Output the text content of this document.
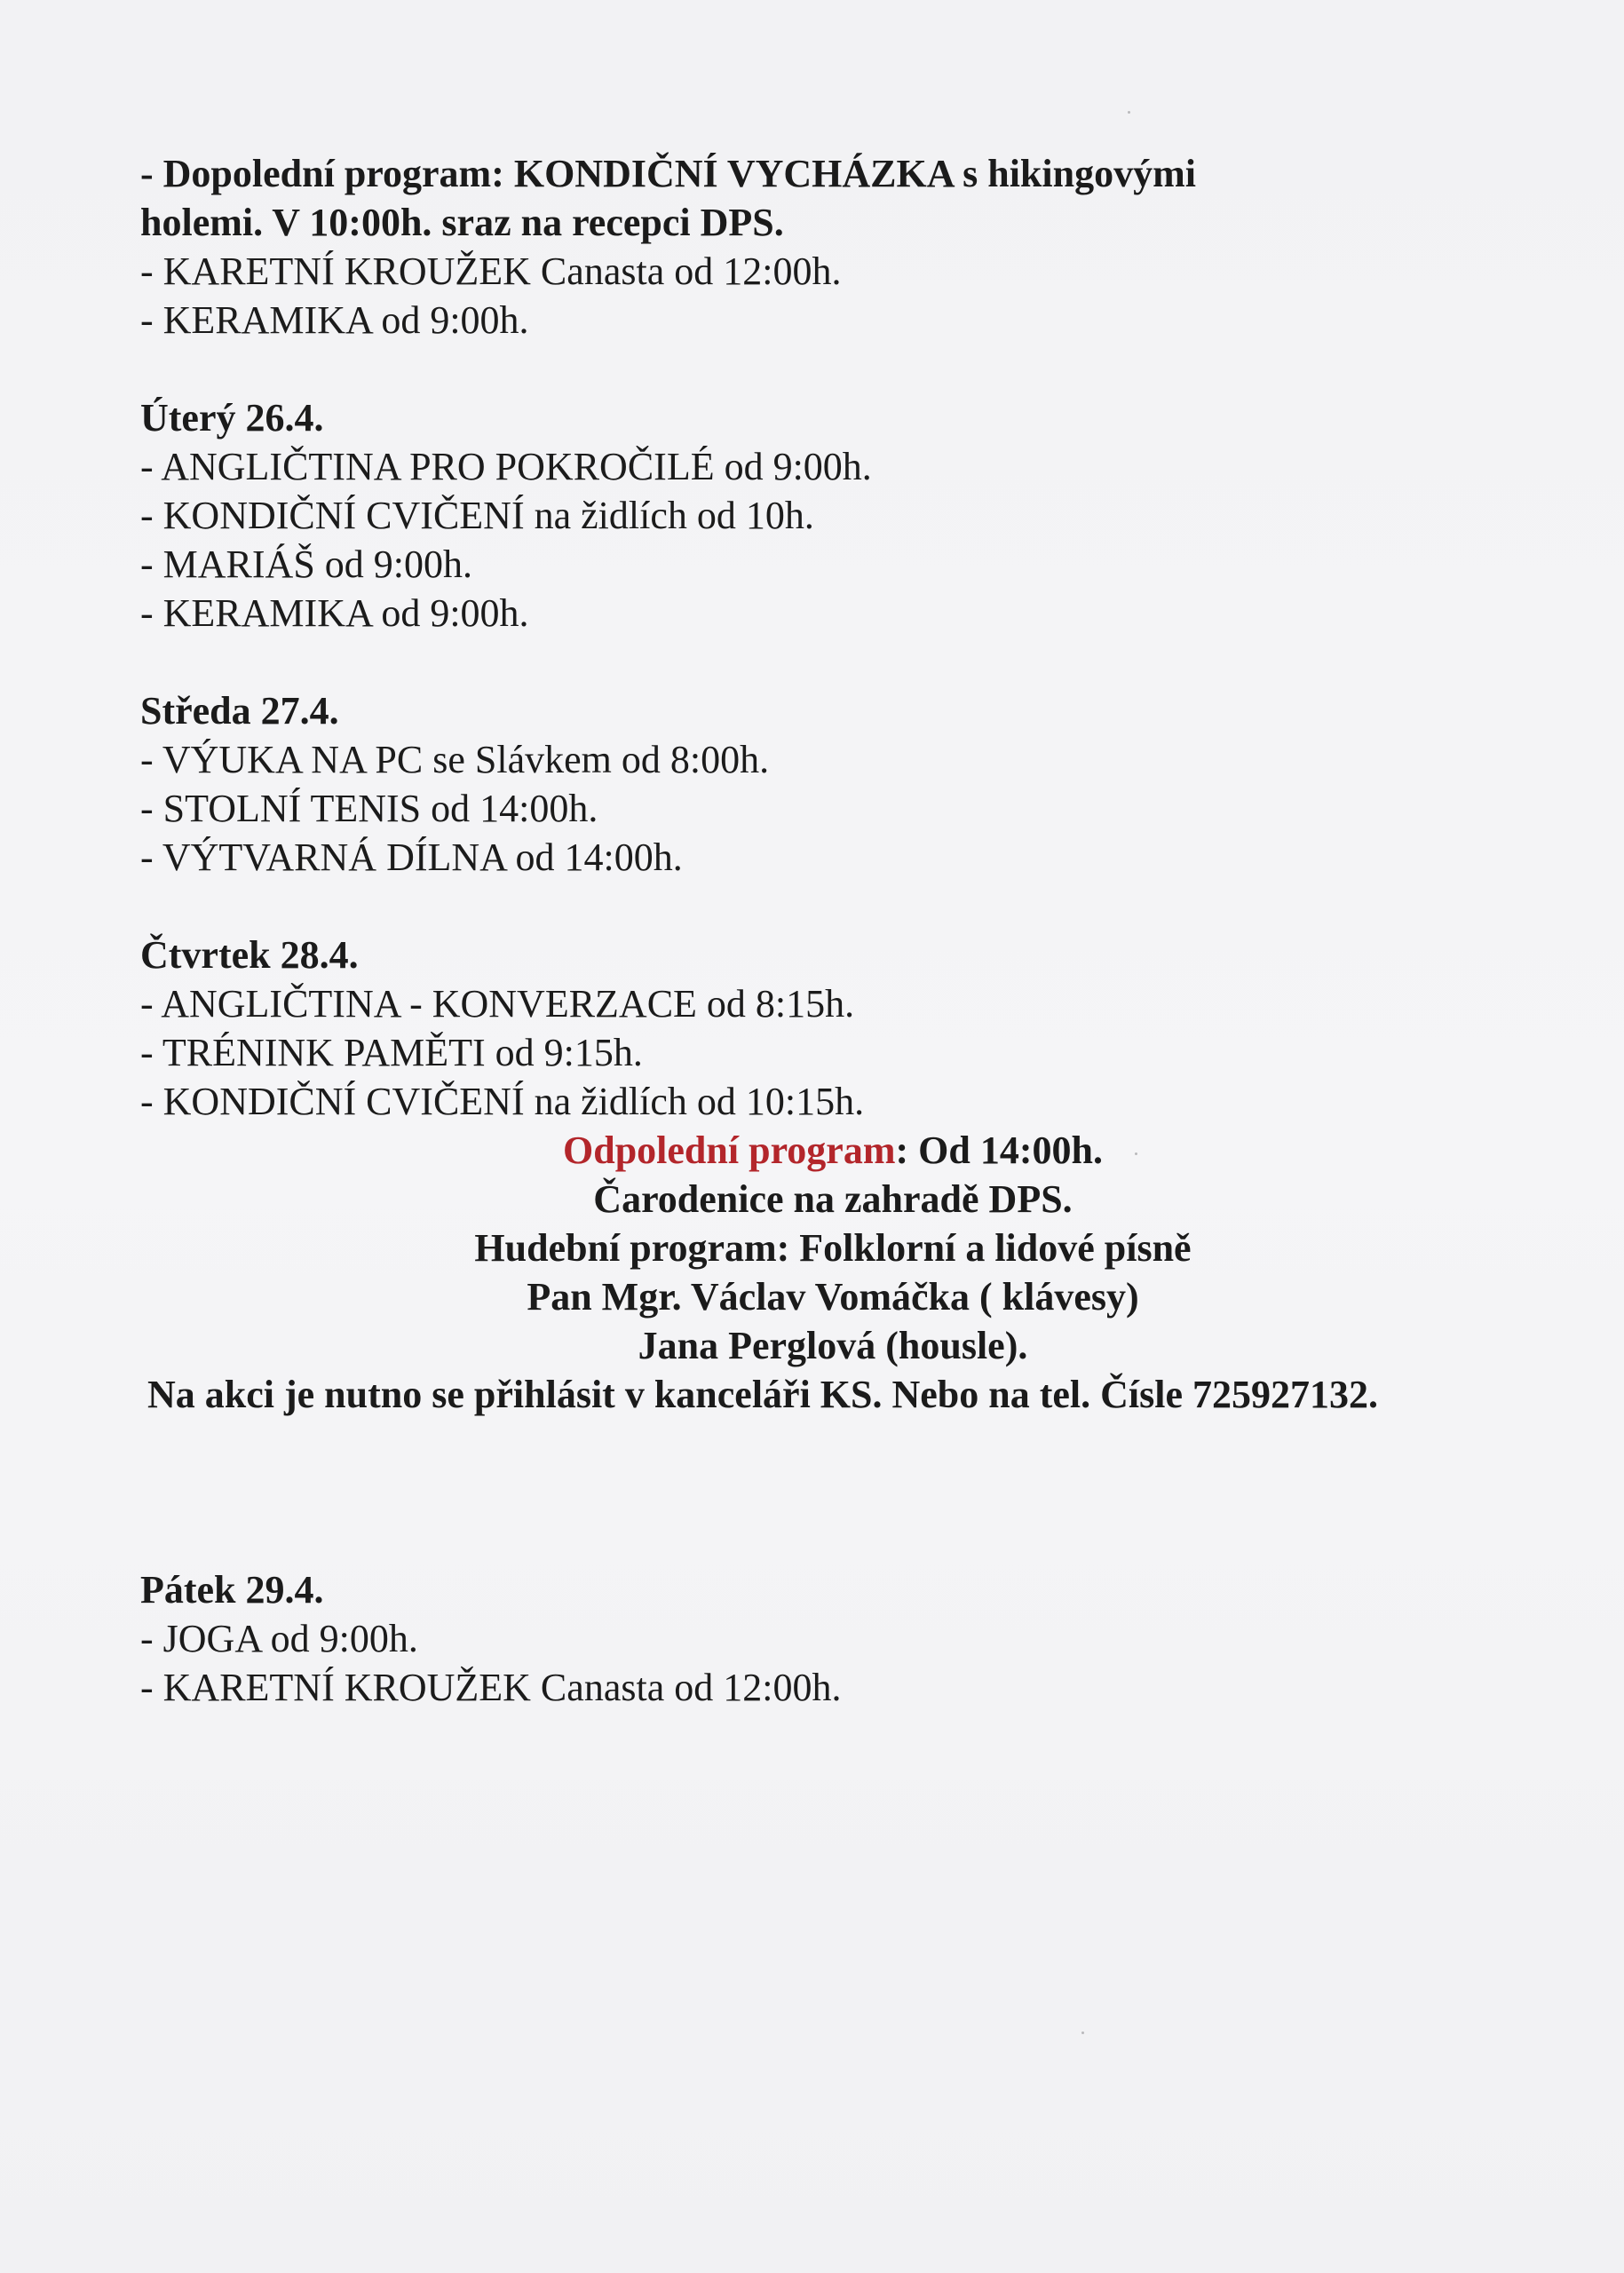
- Dopolední program: KONDIČNÍ VYCHÁZKA s hikingovými
holemi. V 10:00h. sraz na recepci DPS.
- KARETNÍ KROUŽEK Canasta od 12:00h.
- KERAMIKA od 9:00h.
Úterý 26.4.
- ANGLIČTINA PRO POKROČILÉ od 9:00h.
- KONDIČNÍ CVIČENÍ na židlích od 10h.
- MARIÁŠ od 9:00h.
- KERAMIKA od 9:00h.
Středa 27.4.
- VÝUKA NA PC se Slávkem od 8:00h.
- STOLNÍ TENIS od 14:00h.
- VÝTVARNÁ DÍLNA od 14:00h.
Čtvrtek 28.4.
- ANGLIČTINA - KONVERZACE od 8:15h.
- TRÉNINK PAMĚTI od 9:15h.
- KONDIČNÍ CVIČENÍ na židlích od 10:15h.
Odpolední program: Od 14:00h.
Čarodenice na zahradě DPS.
Hudební program: Folklorní a lidové písně
Pan Mgr. Václav Vomáčka ( klávesy)
Jana Perglová (housle).
Na akci je nutno se přihlásit v kanceláři KS. Nebo na tel. Čísle 725927132.
Pátek 29.4.
- JOGA od 9:00h.
- KARETNÍ KROUŽEK Canasta od 12:00h.
